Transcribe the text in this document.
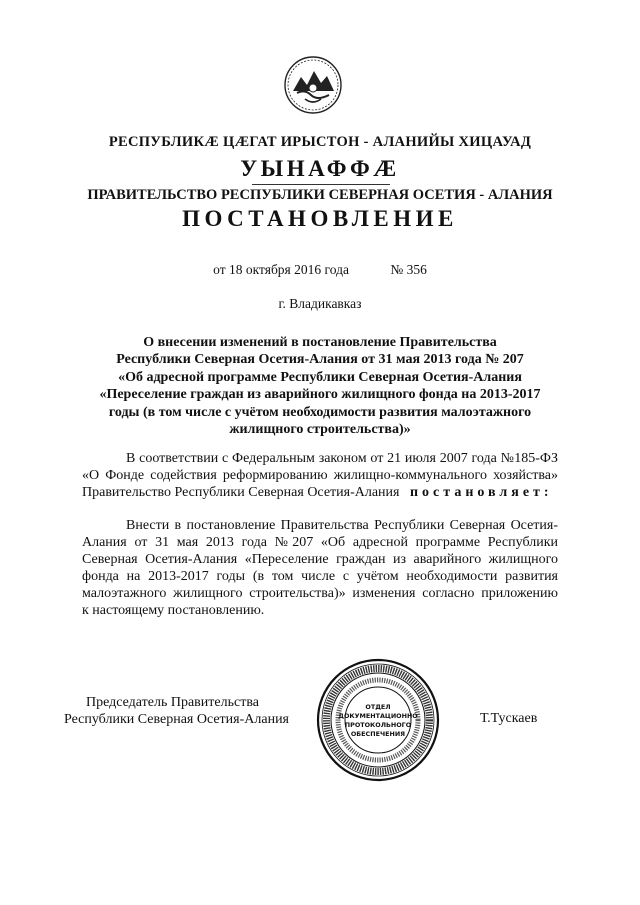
РЕСПУБЛИКӔ ЦӔГАТ ИРЫСТОН - АЛАНИЙЫ ХИЦАУАД
УЫНАФФӔ
ПРАВИТЕЛЬСТВО РЕСПУБЛИКИ СЕВЕРНАЯ ОСЕТИЯ - АЛАНИЯ
ПОСТАНОВЛЕНИЕ
от 18 октября 2016 года	№ 356
г. Владикавказ
О внесении изменений в постановление Правительства
Республики Северная Осетия-Алания от 31 мая 2013 года № 207
«Об адресной программе Республики Северная Осетия-Алания
«Переселение граждан из аварийного жилищного фонда на 2013-2017
годы (в том числе с учётом необходимости развития малоэтажного
жилищного строительства)»
В соответствии с Федеральным законом от 21 июля 2007 года №185-ФЗ
«О Фонде содействия реформированию жилищно-коммунального хозяйства»
Правительство Республики Северная Осетия-Алания постановляет:
Внести в постановление Правительства Республики Северная Осетия-
Алания от 31 мая 2013 года №207 «Об адресной программе Республики
Северная Осетия-Алания «Переселение граждан из аварийного жилищного
фонда на 2013-2017 годы (в том числе с учётом необходимости развития
малоэтажного жилищного строительства)» изменения согласно приложению
к настоящему постановлению.
Председатель Правительства
Республики Северная Осетия-Алания	Т.Тускаев
ОТДЕЛ
ДОКУМЕНТАЦИОННО
ПРОТОКОЛЬНОГО
ОБЕСПЕЧЕНИЯ
